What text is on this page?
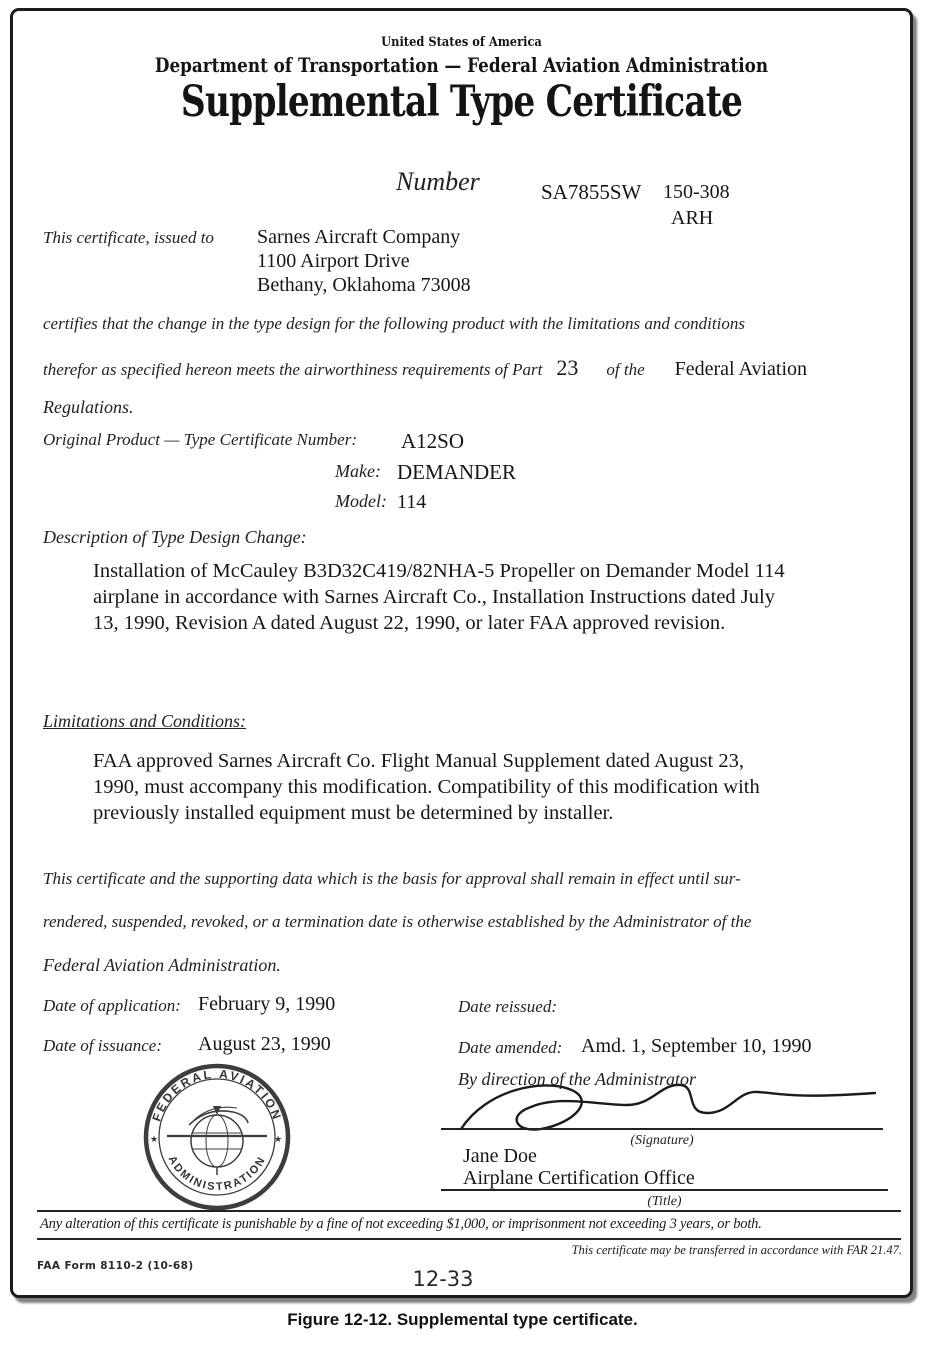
United States of America
Department of Transportation — Federal Aviation Administration
Supplemental Type Certificate
Number	SA7855SW 150-308
ARH
This certificate, issued to Sarnes Aircraft Company
1100 Airport Drive
Bethany, Oklahoma 73008
certifies that the change in the type design for the following product with the limitations and conditions
therefor as specified hereon meets the airworthiness requirements of Part 23 of the Federal Aviation
Regulations.
Original Product — Type Certificate Number: A12SO
Make: DEMANDER
Model: 114
Description of Type Design Change:
Installation of McCauley B3D32C419/82NHA-5 Propeller on Demander Model 114 airplane in accordance with Sarnes Aircraft Co., Installation Instructions dated July 13, 1990, Revision A dated August 22, 1990, or later FAA approved revision.
Limitations and Conditions:
FAA approved Sarnes Aircraft Co. Flight Manual Supplement dated August 23, 1990, must accompany this modification. Compatibility of this modification with previously installed equipment must be determined by installer.
This certificate and the supporting data which is the basis for approval shall remain in effect until sur-
rendered, suspended, revoked, or a termination date is otherwise established by the Administrator of the
Federal Aviation Administration.
Date of application: February 9, 1990	Date reissued:
Date of issuance: August 23, 1990	Date amended: Amd. 1, September 10, 1990
By direction of the Administrator
(Signature)
Jane Doe
Airplane Certification Office
(Title)
FEDERAL AVIATION
ADMINISTRATION
★	★
Any alteration of this certificate is punishable by a fine of not exceeding $1,000, or imprisonment not exceeding 3 years, or both.
This certificate may be transferred in accordance with FAR 21.47.
FAA Form 8110-2 (10-68)
12-33
Figure 12-12. Supplemental type certificate.
